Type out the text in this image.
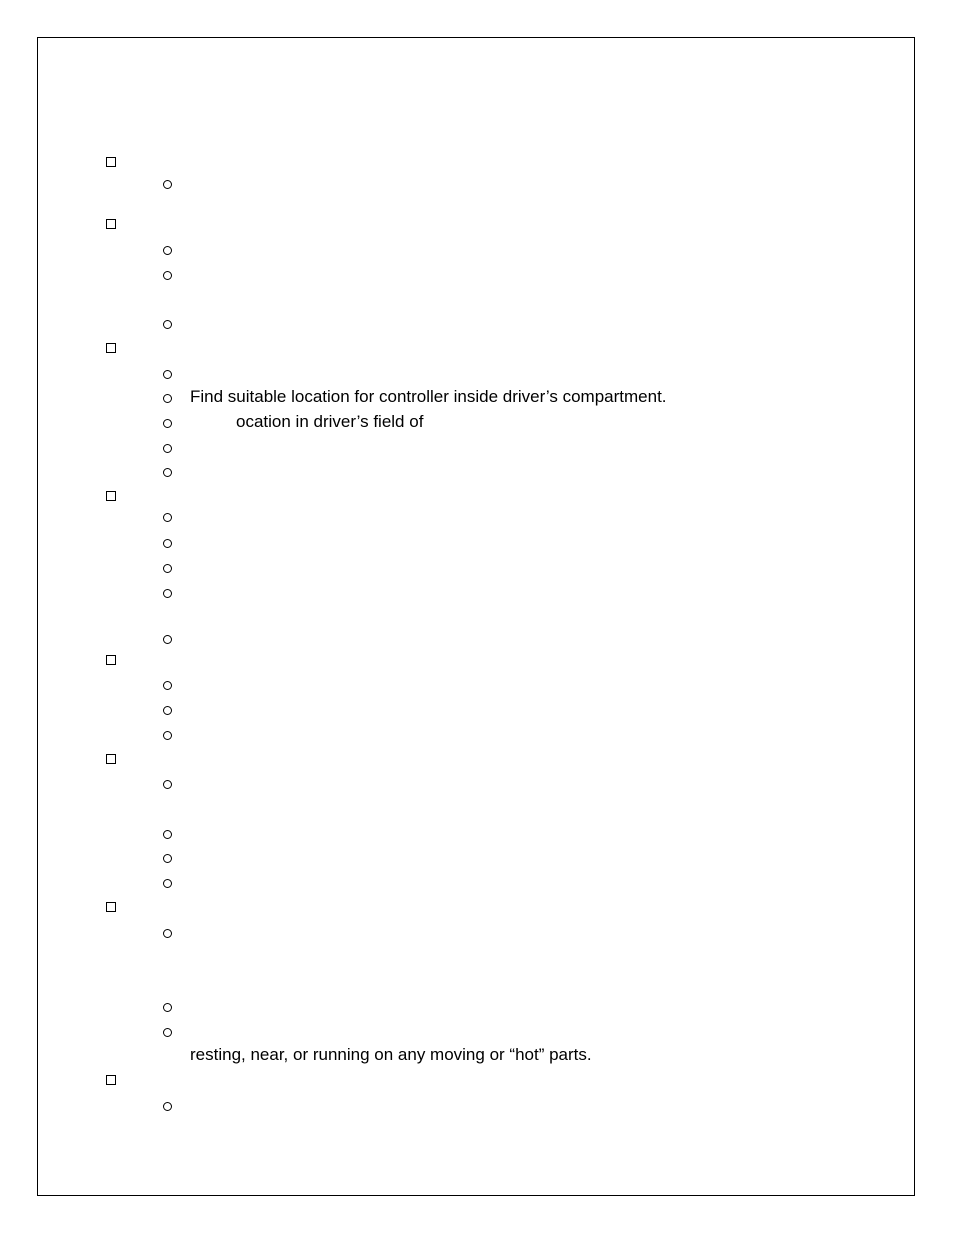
Find suitable location for controller inside driver’s compartment.
ocation in driver’s field of
resting, near, or running on any moving or “hot” parts.
